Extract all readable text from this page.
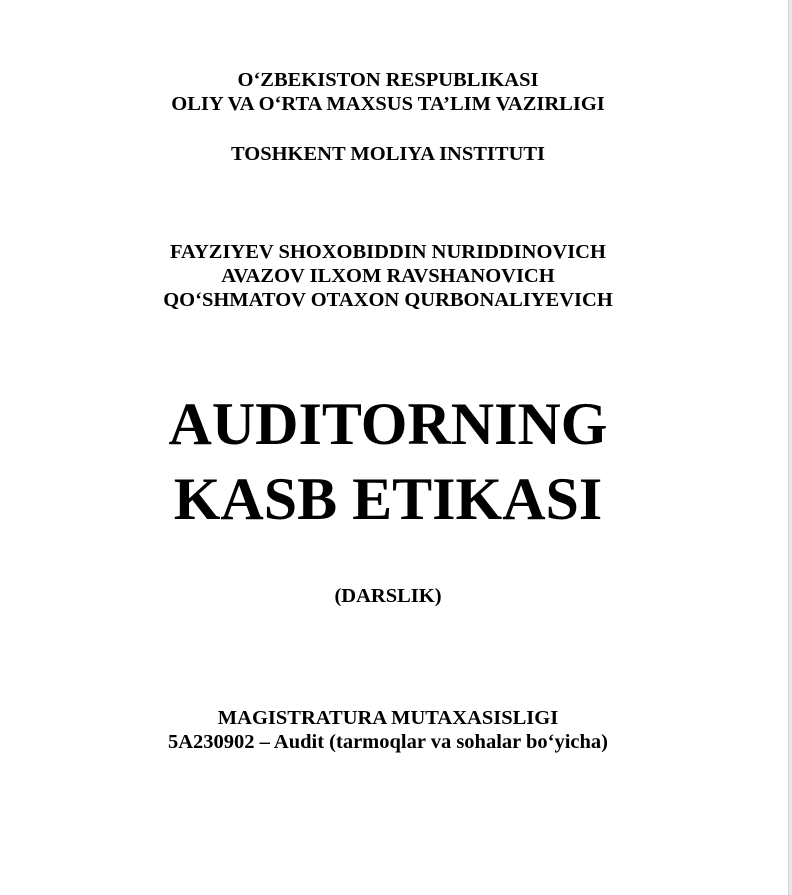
O‘ZBEKISTON RESPUBLIKASI
OLIY VA O‘RTA MAXSUS TA’LIM VAZIRLIGI
TOSHKENT MOLIYA INSTITUTI
FAYZIYEV SHOXOBIDDIN NURIDDINOVICH
AVAZOV ILXOM RAVSHANOVICH
QO‘SHMATOV OTAXON QURBONALIYEVICH
AUDITORNING
KASB ETIKASI
(DARSLIK)
MAGISTRATURA MUTAXASISLIGI
5A230902 – Audit (tarmoqlar va sohalar bo‘yicha)
